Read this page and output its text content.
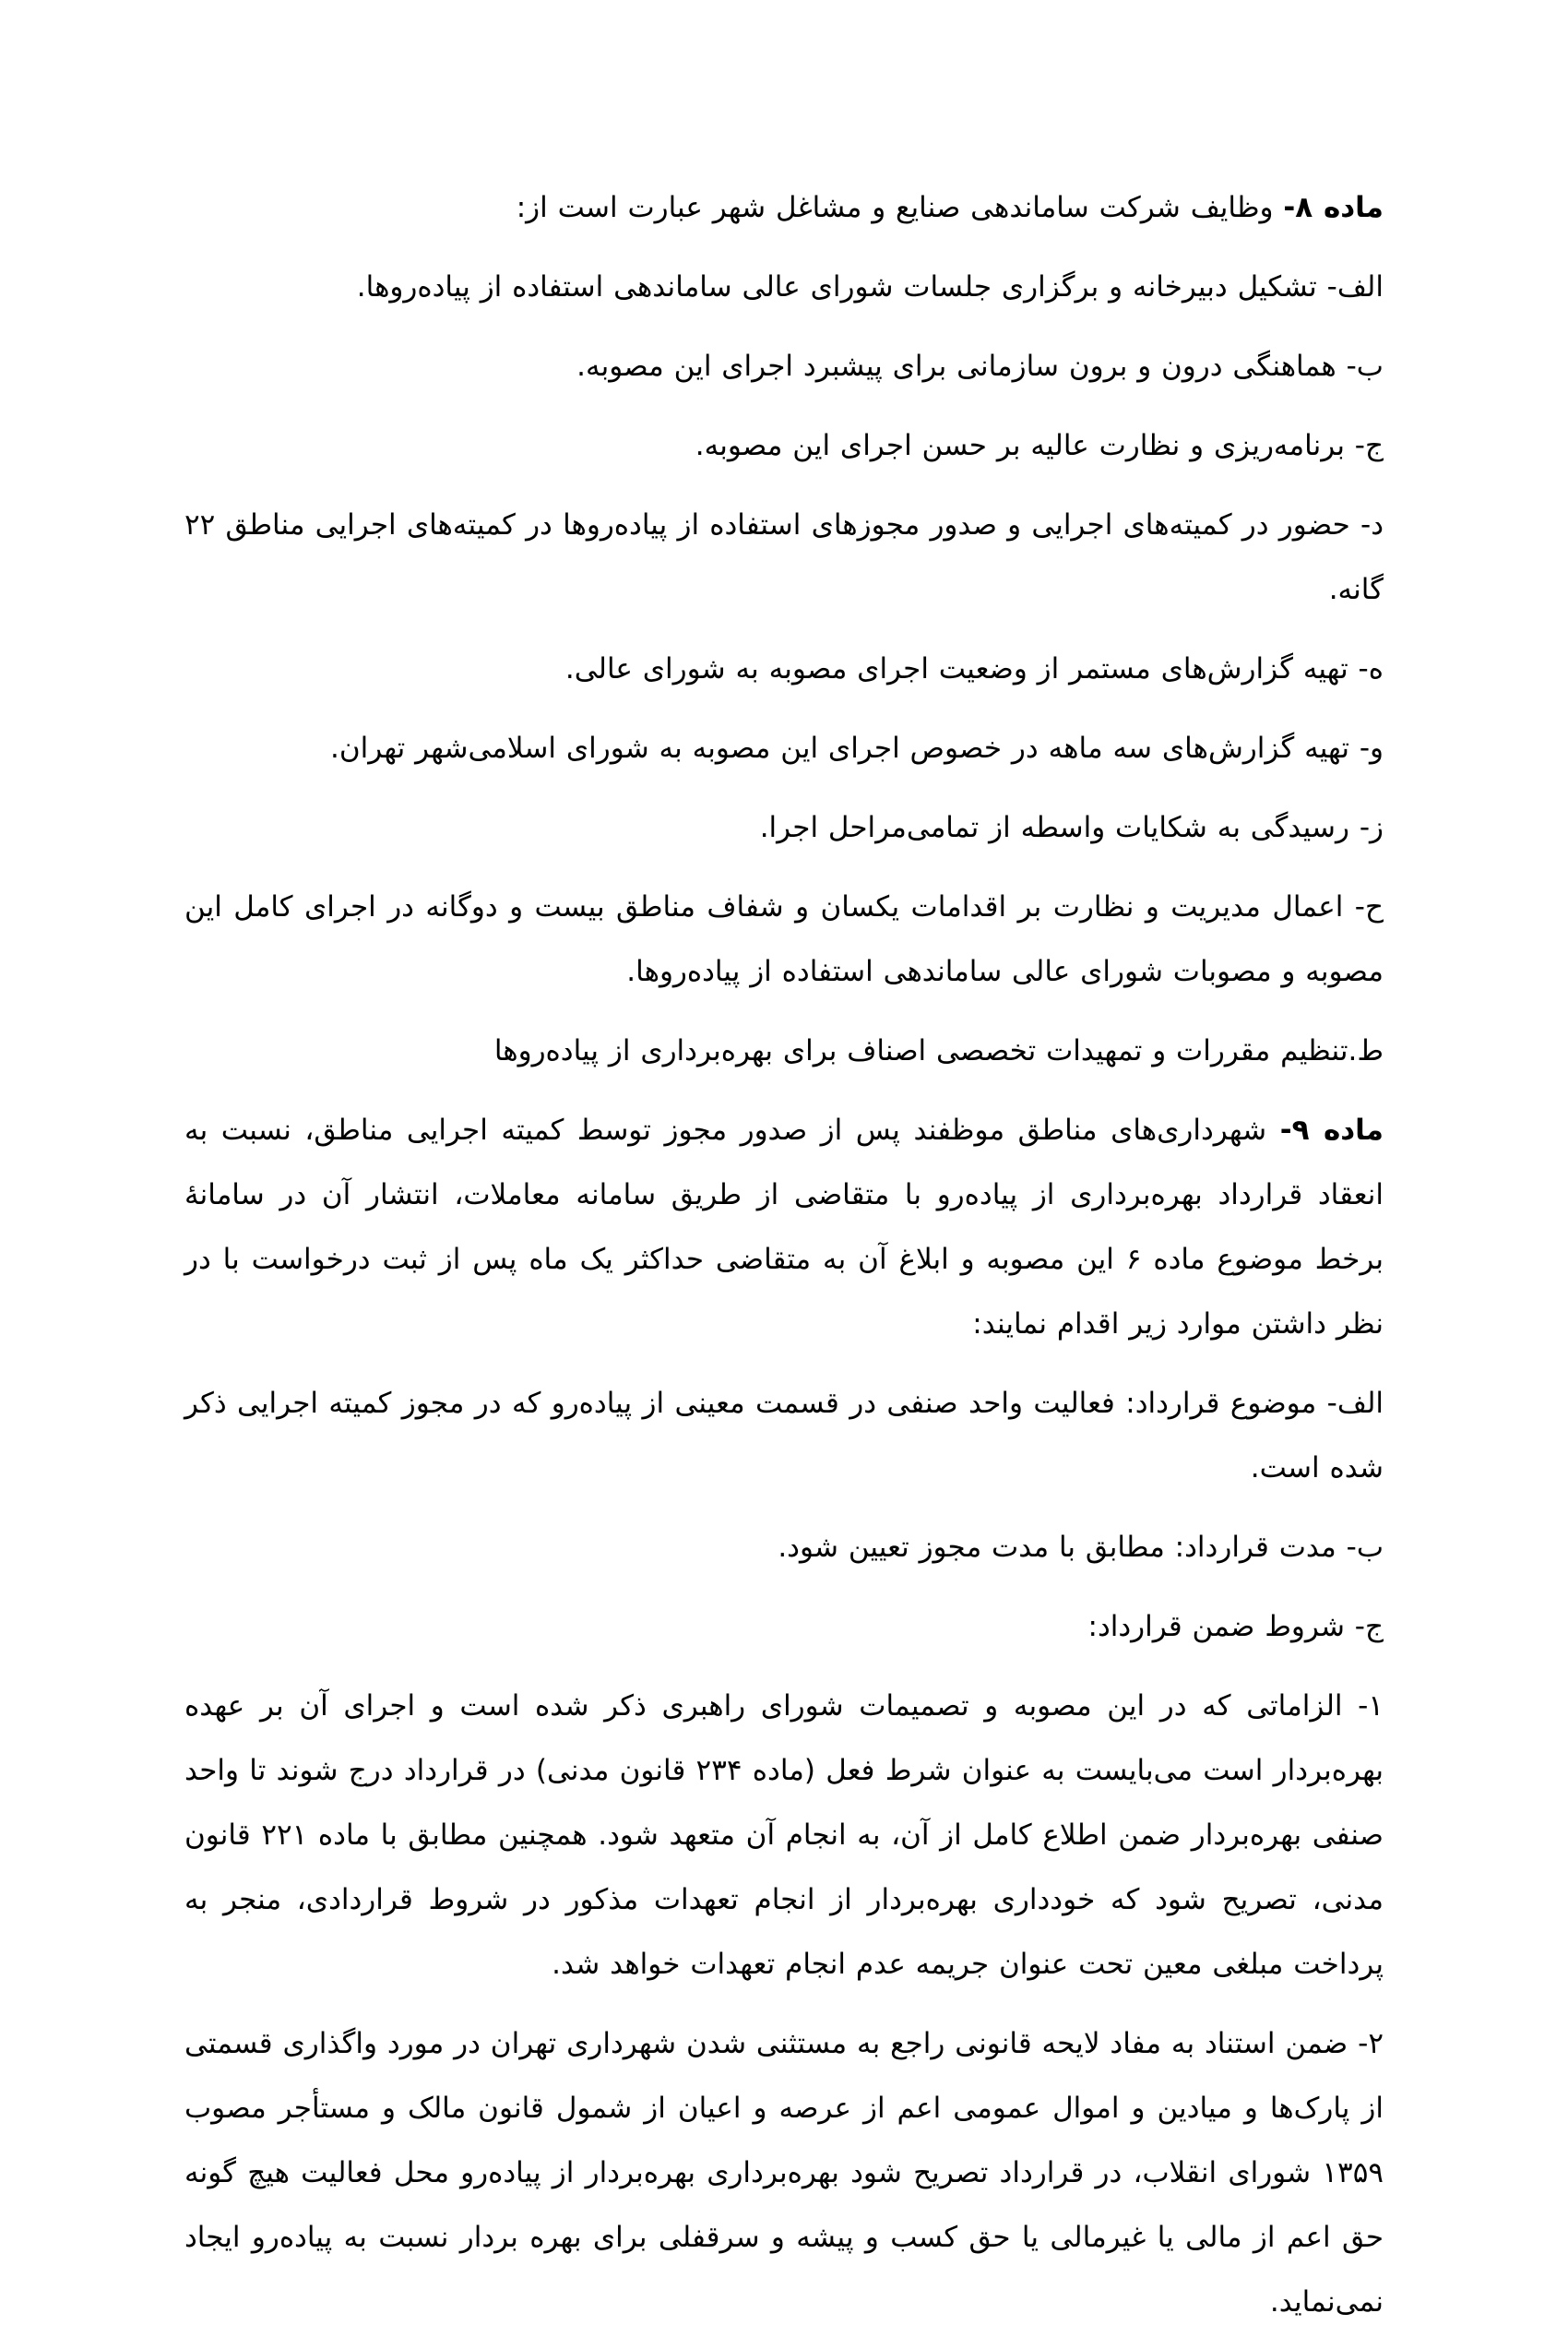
ماده ۸- وظایف شرکت ساماندهی صنایع و مشاغل شهر عبارت است از:

الف- تشکیل دبیرخانه و برگزاری جلسات شورای عالی ساماندهی استفاده از پیاده‌روها.

ب- هماهنگی درون و برون سازمانی برای پیشبرد اجرای این مصوبه.

ج- برنامه‌ریزی و نظارت عالیه بر حسن اجرای این مصوبه.

د- حضور در کمیته‌های اجرایی و صدور مجوزهای استفاده از پیاده‌روها در کمیته‌های اجرایی مناطق ۲۲ گانه.

ه- تهیه گزارش‌های مستمر از وضعیت اجرای مصوبه به شورای عالی.

و- تهیه گزارش‌های سه ماهه در خصوص اجرای این مصوبه به شورای اسلامی‌شهر تهران.

ز- رسیدگی به شکایات واسطه از تمامی‌مراحل اجرا.

ح- اعمال مدیریت و نظارت بر اقدامات یکسان و شفاف مناطق بیست و دوگانه در اجرای کامل این مصوبه و مصوبات شورای عالی ساماندهی استفاده از پیاده‌روها.

ط.تنظیم مقررات و تمهیدات تخصصی اصناف برای بهره‌برداری از پیاده‌روها

ماده ۹- شهرداری‌های مناطق موظفند پس از صدور مجوز توسط کمیته اجرایی مناطق، نسبت به انعقاد قرارداد بهره‌برداری از پیاده‌رو با متقاضی از طریق سامانه معاملات، انتشار آن در سامانۀ برخط موضوع ماده ۶ این مصوبه و ابلاغ آن به متقاضی حداکثر یک ماه پس از ثبت درخواست با در نظر داشتن موارد زیر اقدام نمایند:

الف- موضوع قرارداد: فعالیت واحد صنفی در قسمت معینی از پیاده‌رو که در مجوز کمیته اجرایی ذکر شده است.

ب- مدت قرارداد: مطابق با مدت مجوز تعیین شود.

ج- شروط ضمن قرارداد:

۱- الزاماتی که در این مصوبه و تصمیمات شورای راهبری ذکر شده است و اجرای آن بر عهده بهره‌بردار است می‌بایست به عنوان شرط فعل (ماده ۲۳۴ قانون مدنی) در قرارداد درج شوند تا واحد صنفی بهره‌بردار ضمن اطلاع کامل از آن، به انجام آن متعهد شود. همچنین مطابق با ماده ۲۲۱ قانون مدنی، تصریح شود که خودداری بهره‌بردار از انجام تعهدات مذکور در شروط قراردادی، منجر به پرداخت مبلغی معین تحت عنوان جریمه عدم انجام تعهدات خواهد شد.

۲- ضمن استناد به مفاد لایحه قانونی راجع به مستثنی شدن شهرداری تهران در مورد واگذاری قسمتی از پارک‌ها و میادین و اموال عمومی اعم از عرصه و اعیان از شمول قانون مالک و مستأجر مصوب ۱۳۵۹ شورای انقلاب، در قرارداد تصریح شود بهره‌برداری بهره‌بردار از پیاده‌رو محل فعالیت هیچ گونه حق اعم از مالی یا غیرمالی یا حق کسب و پیشه و سرقفلی برای بهره بردار نسبت به پیاده‌رو ایجاد نمی‌نماید.
